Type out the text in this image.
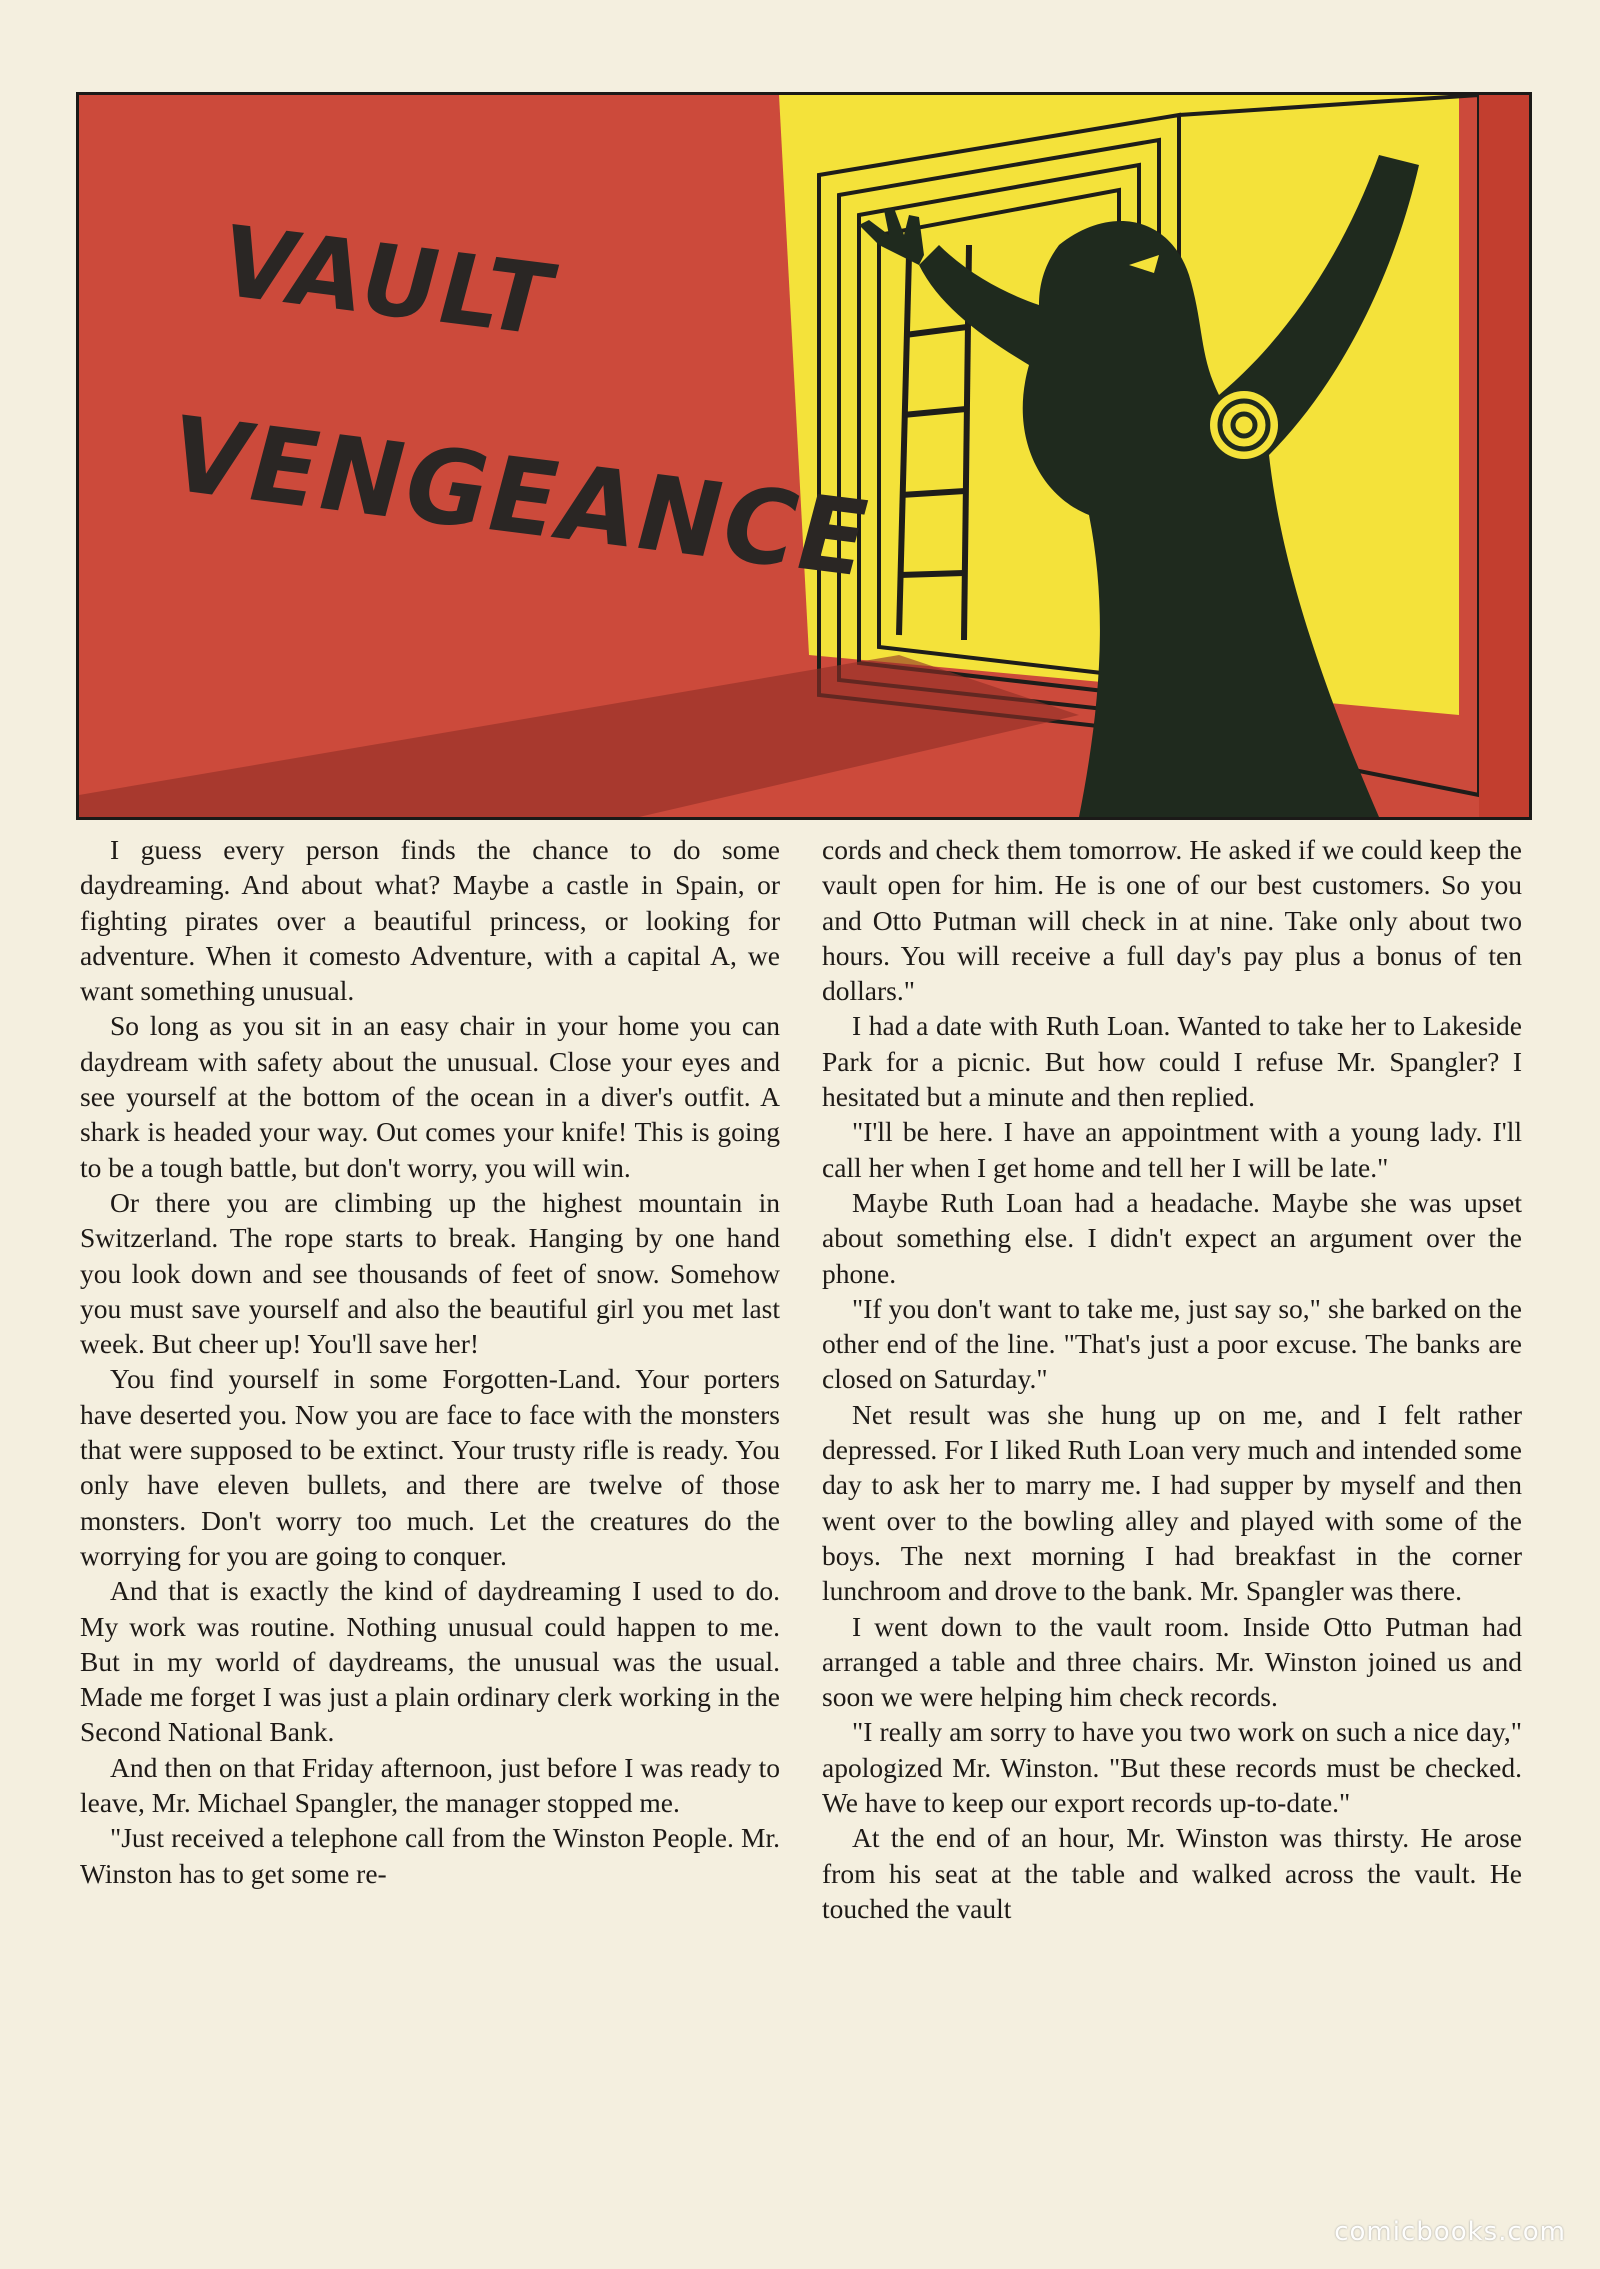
VAULT
VENGEANCE

I guess every person finds the chance to do some daydreaming. And about what? Maybe a castle in Spain, or fighting pirates over a beautiful princess, or looking for adventure. When it comesto Adventure, with a capital A, we want something unusual.

So long as you sit in an easy chair in your home you can daydream with safety about the unusual. Close your eyes and see yourself at the bottom of the ocean in a diver's outfit. A shark is headed your way. Out comes your knife! This is going to be a tough battle, but don't worry, you will win.

Or there you are climbing up the highest mountain in Switzerland. The rope starts to break. Hanging by one hand you look down and see thousands of feet of snow. Somehow you must save yourself and also the beautiful girl you met last week. But cheer up! You'll save her!

You find yourself in some Forgotten-Land. Your porters have deserted you. Now you are face to face with the monsters that were supposed to be extinct. Your trusty rifle is ready. You only have eleven bullets, and there are twelve of those monsters. Don't worry too much. Let the creatures do the worrying for you are going to conquer.

And that is exactly the kind of daydreaming I used to do. My work was routine. Nothing unusual could happen to me. But in my world of daydreams, the unusual was the usual. Made me forget I was just a plain ordinary clerk working in the Second National Bank.

And then on that Friday afternoon, just before I was ready to leave, Mr. Michael Spangler, the manager stopped me.

"Just received a telephone call from the Winston People. Mr. Winston has to get some re-

cords and check them tomorrow. He asked if we could keep the vault open for him. He is one of our best customers. So you and Otto Putman will check in at nine. Take only about two hours. You will receive a full day's pay plus a bonus of ten dollars."

I had a date with Ruth Loan. Wanted to take her to Lakeside Park for a picnic. But how could I refuse Mr. Spangler? I hesitated but a minute and then replied.

"I'll be here. I have an appointment with a young lady. I'll call her when I get home and tell her I will be late."

Maybe Ruth Loan had a headache. Maybe she was upset about something else. I didn't expect an argument over the phone.

"If you don't want to take me, just say so," she barked on the other end of the line. "That's just a poor excuse. The banks are closed on Saturday."

Net result was she hung up on me, and I felt rather depressed. For I liked Ruth Loan very much and intended some day to ask her to marry me. I had supper by myself and then went over to the bowling alley and played with some of the boys. The next morning I had breakfast in the corner lunchroom and drove to the bank. Mr. Spangler was there.

I went down to the vault room. Inside Otto Putman had arranged a table and three chairs. Mr. Winston joined us and soon we were helping him check records.

"I really am sorry to have you two work on such a nice day," apologized Mr. Winston. "But these records must be checked. We have to keep our export records up-to-date."

At the end of an hour, Mr. Winston was thirsty. He arose from his seat at the table and walked across the vault. He touched the vault

comicbooks.com
